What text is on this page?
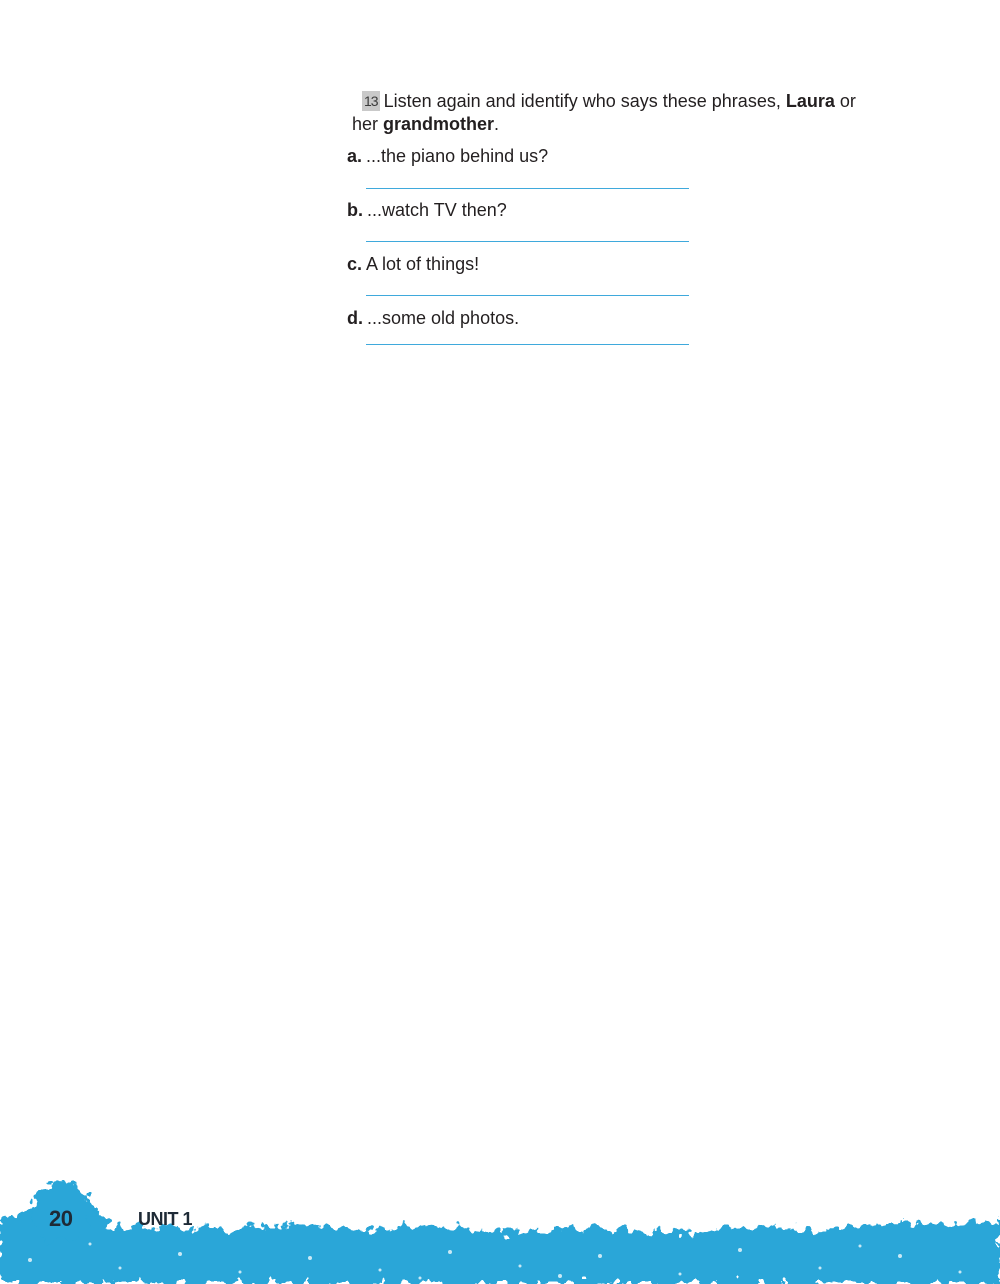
13 Listen again and identify who says these phrases, Laura or her grandmother.
a. ...the piano behind us?
b. ...watch TV then?
c. A lot of things!
d. ...some old photos.
20	UNIT 1
